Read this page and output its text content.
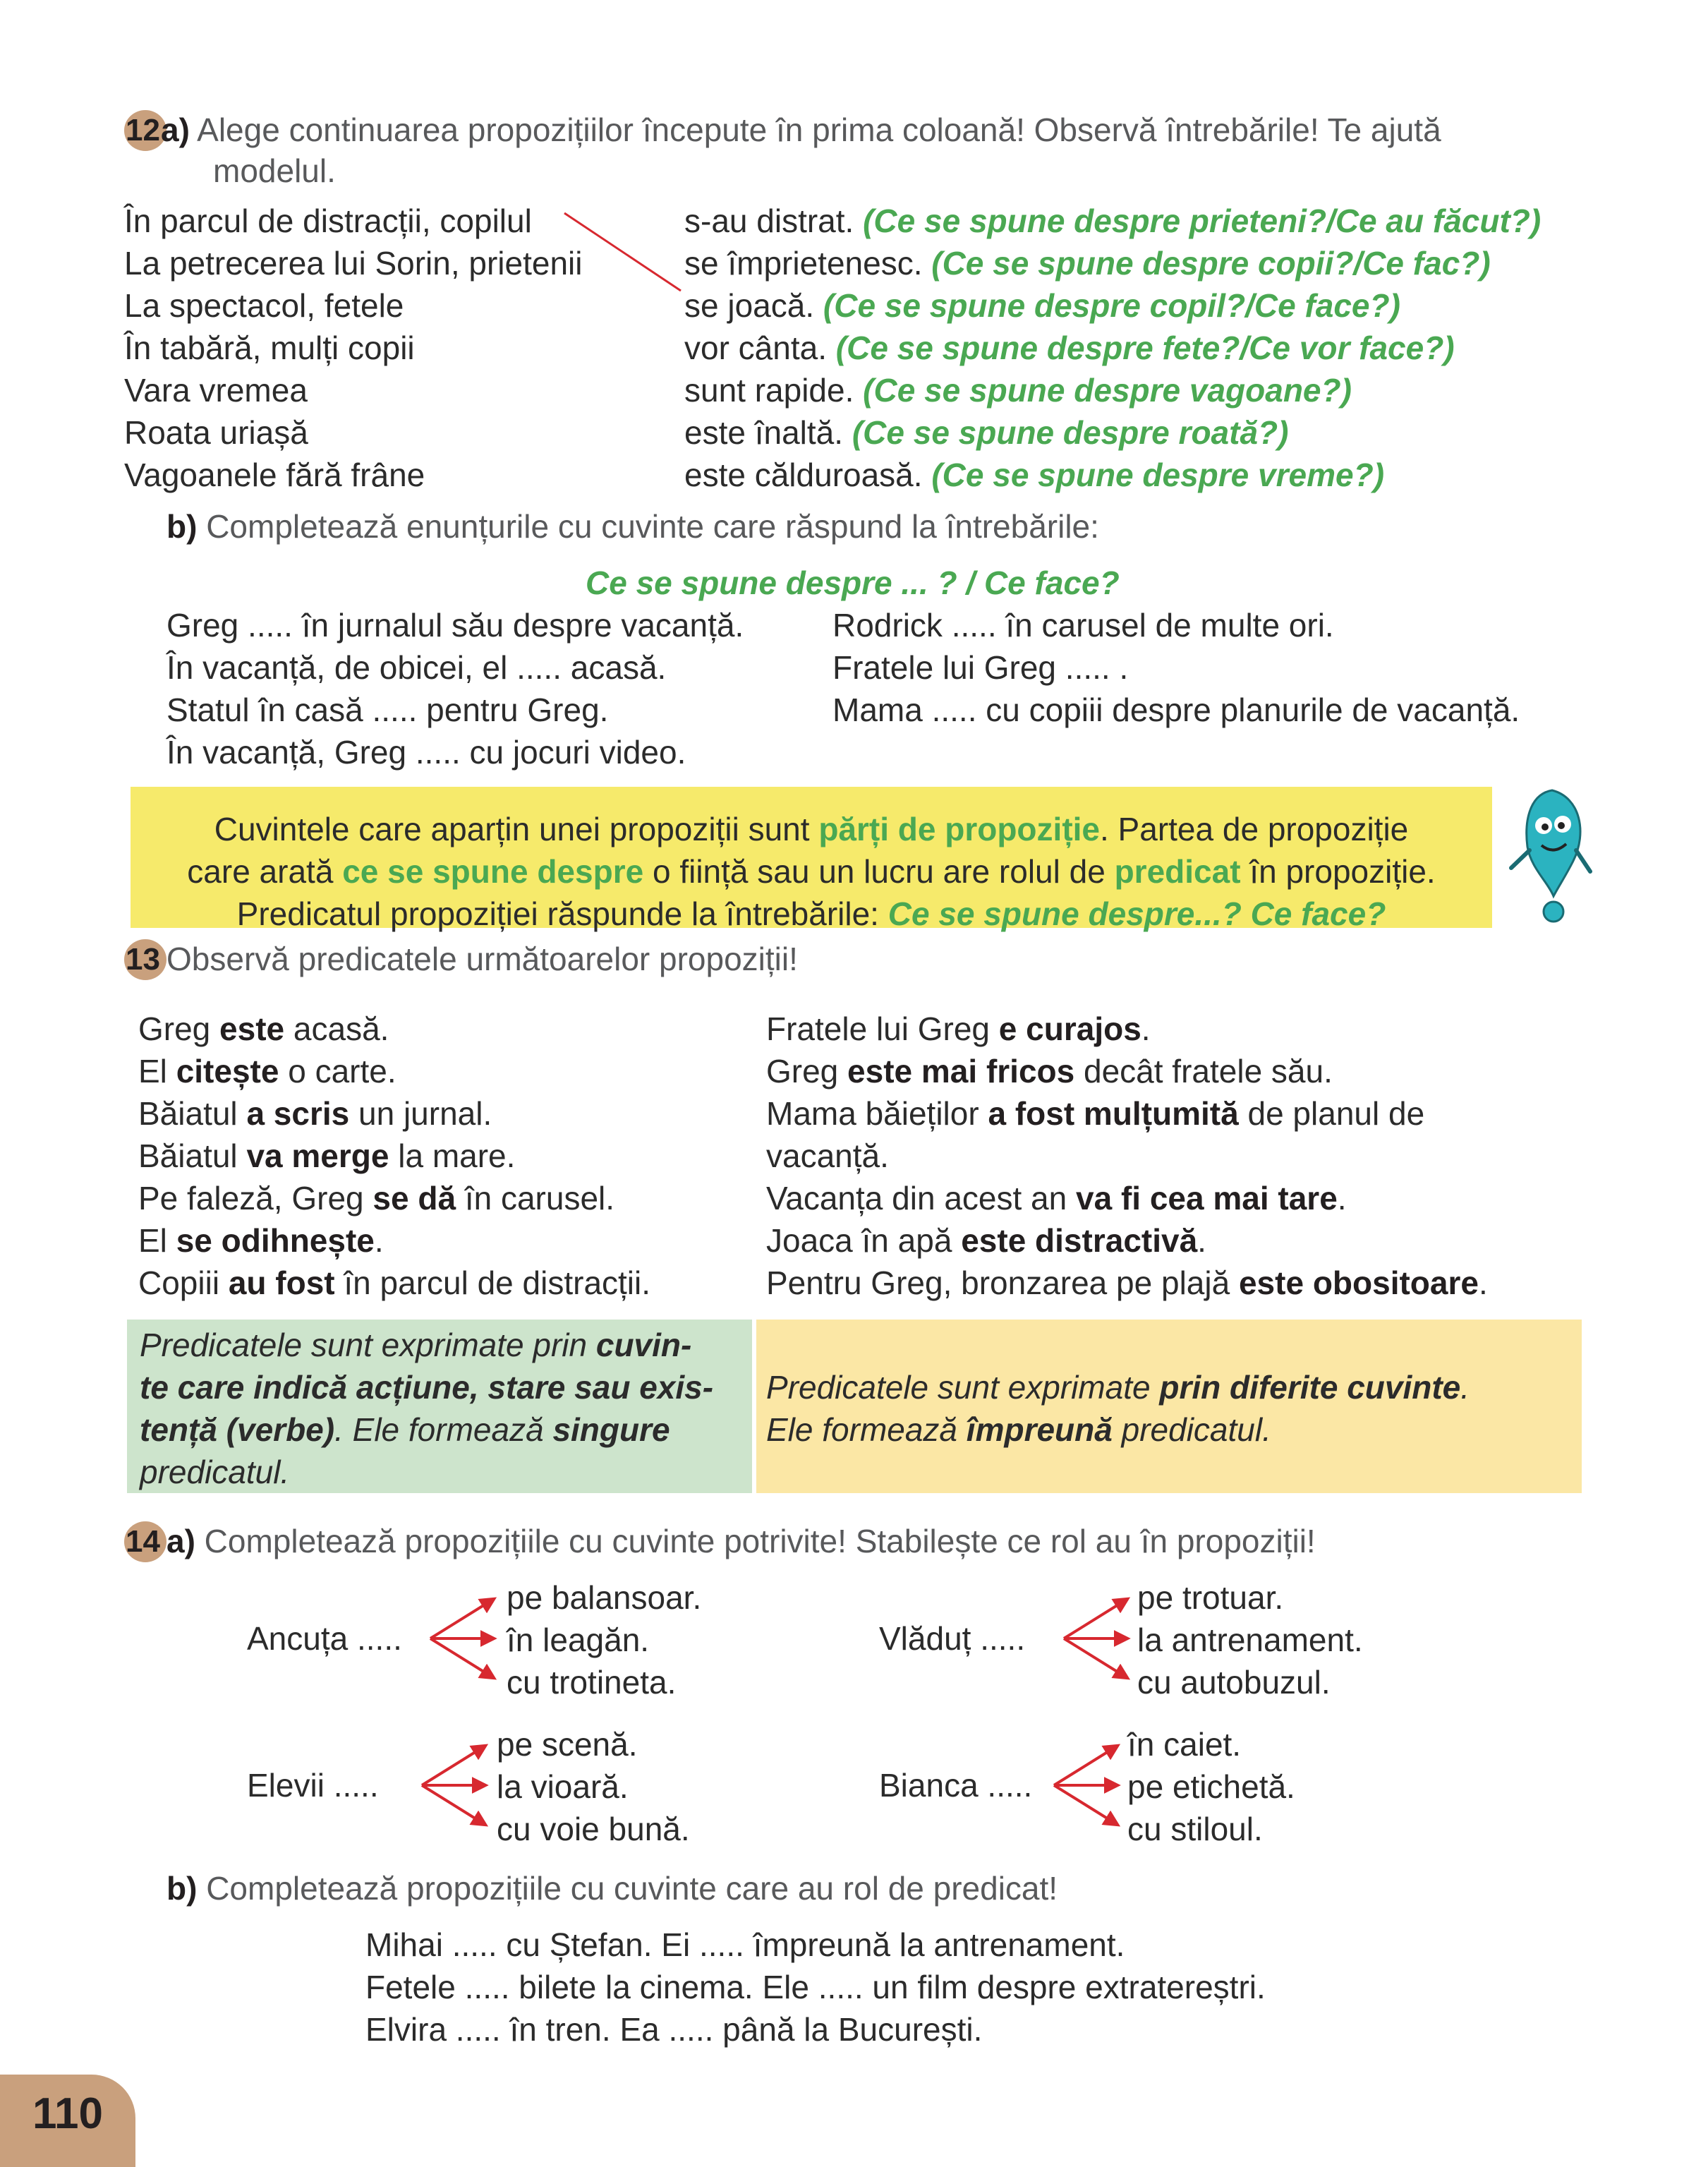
12 a) Alege continuarea propozițiilor începute în prima coloană! Observă întrebările! Te ajută
modelul.
În parcul de distracții, copilul
La petrecerea lui Sorin, prietenii
La spectacol, fetele
În tabără, mulți copii
Vara vremea
Roata uriașă
Vagoanele fără frâne
s-au distrat. (Ce se spune despre prieteni?/Ce au făcut?)
se împrietenesc. (Ce se spune despre copii?/Ce fac?)
se joacă. (Ce se spune despre copil?/Ce face?)
vor cânta. (Ce se spune despre fete?/Ce vor face?)
sunt rapide. (Ce se spune despre vagoane?)
este înaltă. (Ce se spune despre roată?)
este călduroasă. (Ce se spune despre vreme?)
b) Completează enunțurile cu cuvinte care răspund la întrebările:
Ce se spune despre ... ? / Ce face?
Greg ..... în jurnalul său despre vacanță.
În vacanță, de obicei, el ..... acasă.
Statul în casă ..... pentru Greg.
În vacanță, Greg ..... cu jocuri video.
Rodrick ..... în carusel de multe ori.
Fratele lui Greg ..... .
Mama ..... cu copiii despre planurile de vacanță.
Cuvintele care aparțin unei propoziții sunt părți de propoziție. Partea de propoziție
care arată ce se spune despre o ființă sau un lucru are rolul de predicat în propoziție.
Predicatul propoziției răspunde la întrebările: Ce se spune despre...? Ce face?
13 Observă predicatele următoarelor propoziții!
Greg este acasă.
El citește o carte.
Băiatul a scris un jurnal.
Băiatul va merge la mare.
Pe faleză, Greg se dă în carusel.
El se odihnește.
Copiii au fost în parcul de distracții.
Fratele lui Greg e curajos.
Greg este mai fricos decât fratele său.
Mama băieților a fost mulțumită de planul de
vacanță.
Vacanța din acest an va fi cea mai tare.
Joaca în apă este distractivă.
Pentru Greg, bronzarea pe plajă este obositoare.
Predicatele sunt exprimate prin cuvin-
te care indică acțiune, stare sau exis-
tență (verbe). Ele formează singure
predicatul.
Predicatele sunt exprimate prin diferite cuvinte.
Ele formează împreună predicatul.
14 a) Completează propozițiile cu cuvinte potrivite! Stabilește ce rol au în propoziții!
Ancuța .....
pe balansoar.
în leagăn.
cu trotineta.
Vlăduț .....
pe trotuar.
la antrenament.
cu autobuzul.
Elevii .....
pe scenă.
la vioară.
cu voie bună.
Bianca .....
în caiet.
pe etichetă.
cu stiloul.
b) Completează propozițiile cu cuvinte care au rol de predicat!
Mihai ..... cu Ștefan. Ei ..... împreună la antrenament.
Fetele ..... bilete la cinema. Ele ..... un film despre extratereștri.
Elvira ..... în tren. Ea ..... până la București.
110
